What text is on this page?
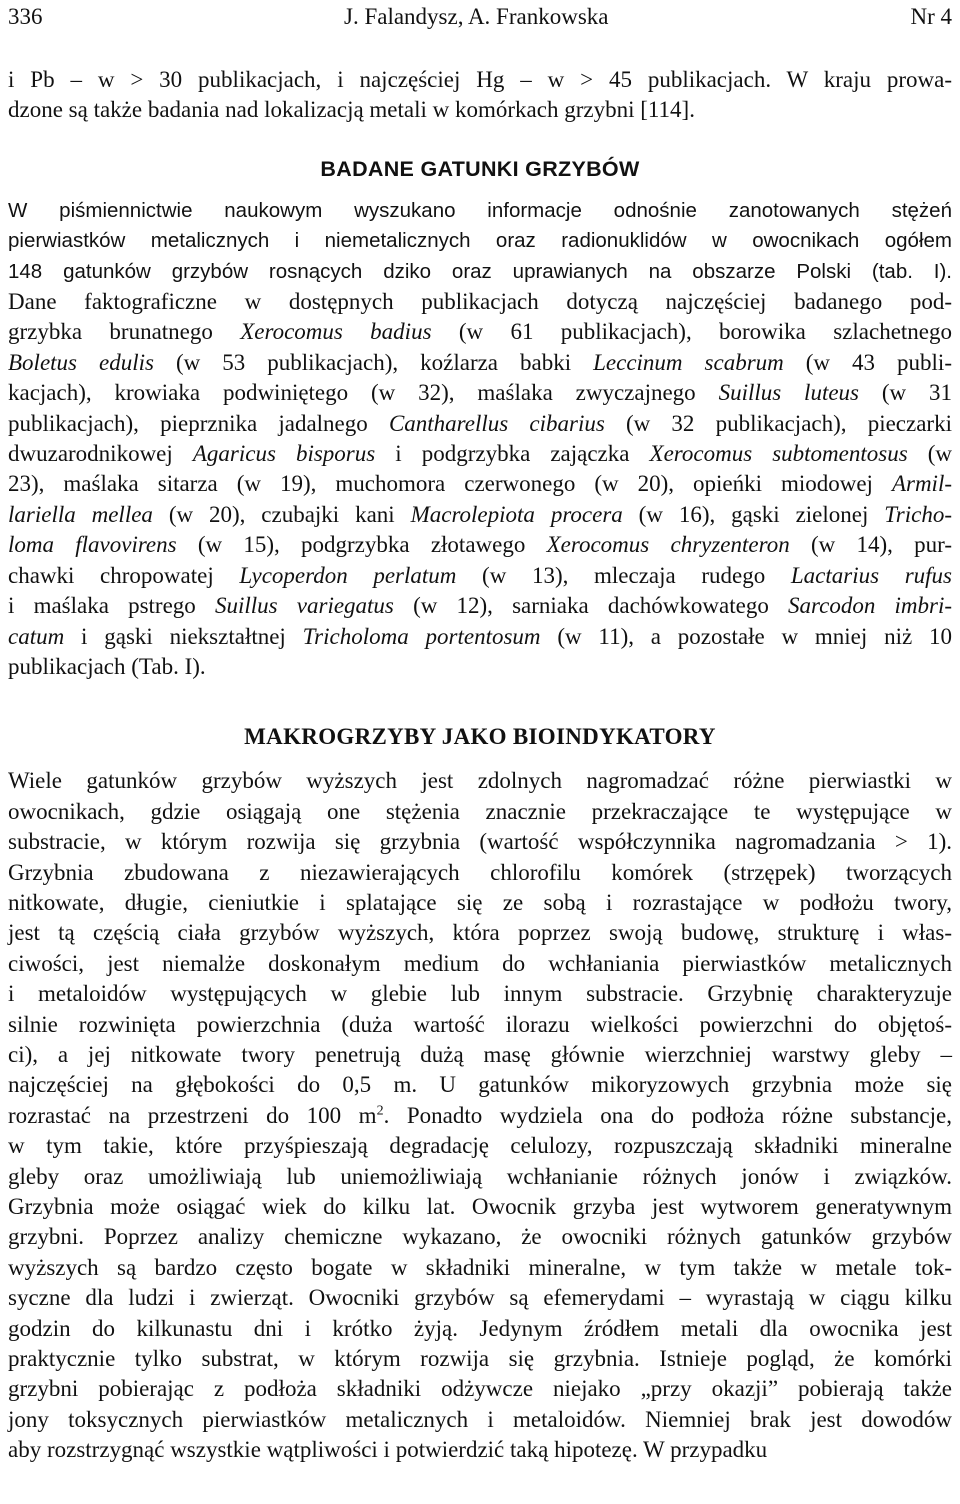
336	J. Falandysz, A. Frankowska	Nr 4
i Pb – w > 30 publikacjach, i najczęściej Hg – w > 45 publikacjach. W kraju prowa-
dzone są także badania nad lokalizacją metali w komórkach grzybni [114].
BADANE GATUNKI GRZYBÓW
W piśmiennictwie naukowym wyszukano informacje odnośnie zanotowanych stężeń
pierwiastków metalicznych i niemetalicznych oraz radionuklidów w owocnikach ogółem
148 gatunków grzybów rosnących dziko oraz uprawianych na obszarze Polski (tab. I).
Dane faktograficzne w dostępnych publikacjach dotyczą najczęściej badanego pod-
grzybka brunatnego Xerocomus badius (w 61 publikacjach), borowika szlachetnego
Boletus edulis (w 53 publikacjach), koźlarza babki Leccinum scabrum (w 43 publi-
kacjach), krowiaka podwiniętego (w 32), maślaka zwyczajnego Suillus luteus (w 31
publikacjach), pieprznika jadalnego Cantharellus cibarius (w 32 publikacjach), pieczarki
dwuzarodnikowej Agaricus bisporus i podgrzybka zajączka Xerocomus subtomentosus (w
23), maślaka sitarza (w 19), muchomora czerwonego (w 20), opieńki miodowej Armil-
lariella mellea (w 20), czubajki kani Macrolepiota procera (w 16), gąski zielonej Tricho-
loma flavovirens (w 15), podgrzybka złotawego Xerocomus chryzenteron (w 14), pur-
chawki chropowatej Lycoperdon perlatum (w 13), mleczaja rudego Lactarius rufus
i maślaka pstrego Suillus variegatus (w 12), sarniaka dachówkowatego Sarcodon imbri-
catum i gąski niekształtnej Tricholoma portentosum (w 11), a pozostałe w mniej niż 10
publikacjach (Tab. I).
MAKROGRZYBY JAKO BIOINDYKATORY
Wiele gatunków grzybów wyższych jest zdolnych nagromadzać różne pierwiastki w
owocnikach, gdzie osiągają one stężenia znacznie przekraczające te występujące w
substracie, w którym rozwija się grzybnia (wartość współczynnika nagromadzania > 1).
Grzybnia zbudowana z niezawierających chlorofilu komórek (strzępek) tworzących
nitkowate, długie, cieniutkie i splatające się ze sobą i rozrastające w podłożu twory,
jest tą częścią ciała grzybów wyższych, która poprzez swoją budowę, strukturę i włas-
ciwości, jest niemalże doskonałym medium do wchłaniania pierwiastków metalicznych
i metaloidów występujących w glebie lub innym substracie. Grzybnię charakteryzuje
silnie rozwinięta powierzchnia (duża wartość ilorazu wielkości powierzchni do objętoś-
ci), a jej nitkowate twory penetrują dużą masę głównie wierzchniej warstwy gleby –
najczęściej na głębokości do 0,5 m. U gatunków mikoryzowych grzybnia może się
rozrastać na przestrzeni do 100 $m^2$. Ponadto wydziela ona do podłoża różne substancje,
w tym takie, które przyśpieszają degradację celulozy, rozpuszczają składniki mineralne
gleby oraz umożliwiają lub uniemożliwiają wchłanianie różnych jonów i związków.
Grzybnia może osiągać wiek do kilku lat. Owocnik grzyba jest wytworem generatywnym
grzybni. Poprzez analizy chemiczne wykazano, że owocniki różnych gatunków grzybów
wyższych są bardzo często bogate w składniki mineralne, w tym także w metale tok-
syczne dla ludzi i zwierząt. Owocniki grzybów są efemerydami – wyrastają w ciągu kilku
godzin do kilkunastu dni i krótko żyją. Jedynym źródłem metali dla owocnika jest
praktycznie tylko substrat, w którym rozwija się grzybnia. Istnieje pogląd, że komórki
grzybni pobierając z podłoża składniki odżywcze niejako „przy okazji” pobierają także
jony toksycznych pierwiastków metalicznych i metaloidów. Niemniej brak jest dowodów
aby rozstrzygnąć wszystkie wątpliwości i potwierdzić taką hipotezę. W przypadku
